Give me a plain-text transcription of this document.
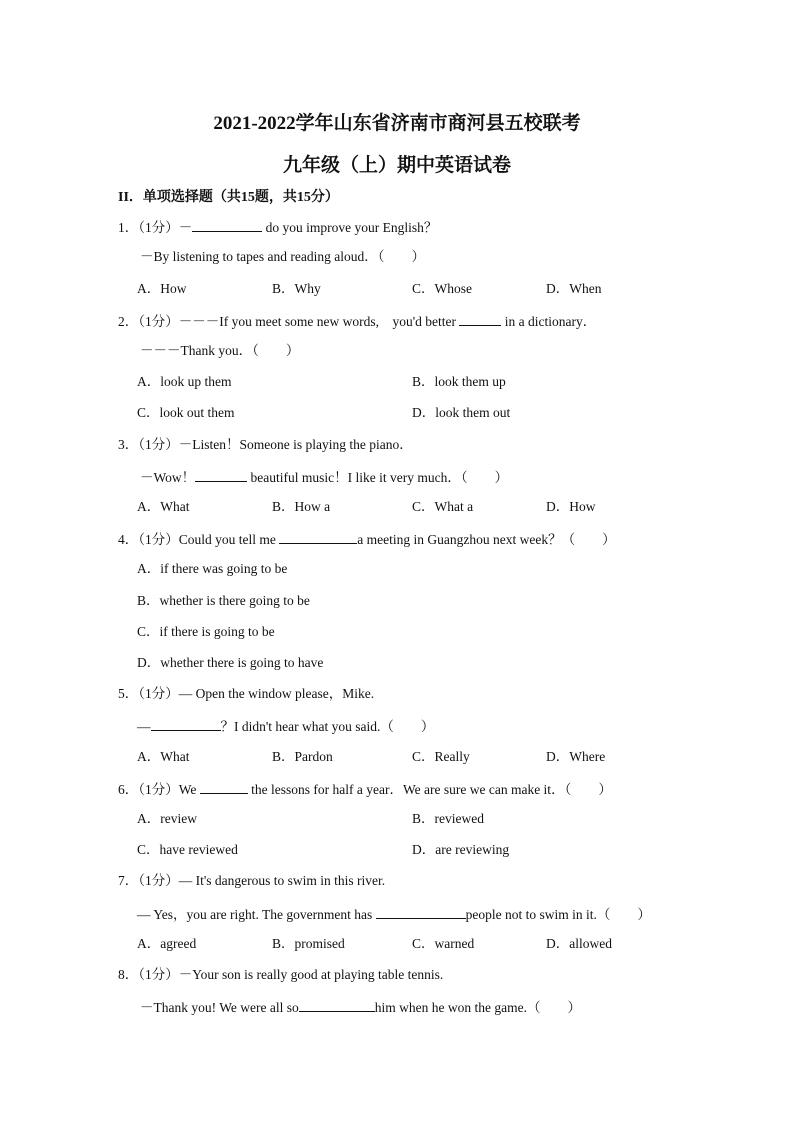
2021-2022学年山东省济南市商河县五校联考
九年级（上）期中英语试卷
II．单项选择题（共15题，共15分）
1．（1分）－	do you improve your English？
－By listening to tapes and reading aloud．（　　）
A．How	B．Why	C．Whose	D．When
2．（1分）－－－If you meet some new words,　you'd better	in a dictionary．
－－－Thank you．（　　）
A．look up them	B．look them up
C．look out them	D．look them out
3．（1分）－Listen！Someone is playing the piano．
－Wow！	beautiful music！I like it very much．（　　）
A．What	B．How a	C．What a	D．How
4．（1分）Could you tell me	a meeting in Guangzhou next week？（　　）
A．if there was going to be
B．whether is there going to be
C．if there is going to be
D．whether there is going to have
5．（1分）— Open the window please，Mike.
—	？I didn't hear what you said.（　　）
A．What	B．Pardon	C．Really	D．Where
6．（1分）We	the lessons for half a year．We are sure we can make it．（　　）
A．review	B．reviewed
C．have reviewed	D．are reviewing
7．（1分）— It's dangerous to swim in this river.
— Yes，you are right. The government has	people not to swim in it.（　　）
A．agreed	B．promised	C．warned	D．allowed
8．（1分）－Your son is really good at playing table tennis.
－Thank you! We were all so	him when he won the game.（　　）
